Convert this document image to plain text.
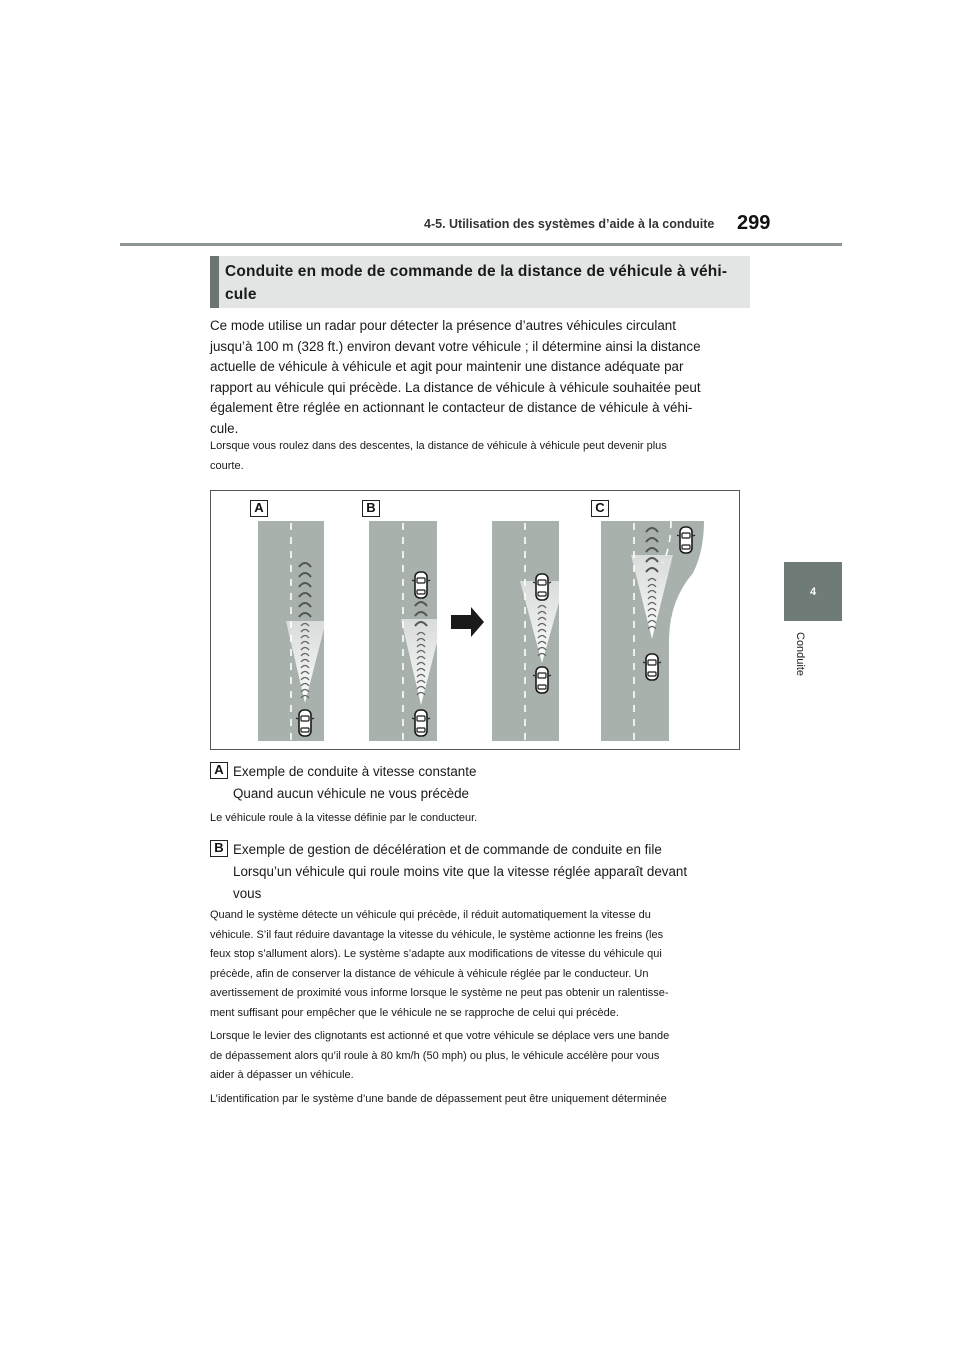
4-5. Utilisation des systèmes d’aide à la conduite 299
4
Conduite
Conduite en mode de commande de la distance de véhicule à véhi-
cule
Ce mode utilise un radar pour détecter la présence d’autres véhicules circulant
jusqu’à 100 m (328 ft.) environ devant votre véhicule ; il détermine ainsi la distance
actuelle de véhicule à véhicule et agit pour maintenir une distance adéquate par
rapport au véhicule qui précède. La distance de véhicule à véhicule souhaitée peut
également être réglée en actionnant le contacteur de distance de véhicule à véhi-
cule.
Lorsque vous roulez dans des descentes, la distance de véhicule à véhicule peut devenir plus
courte.
A	B	C
A Exemple de conduite à vitesse constante
Quand aucun véhicule ne vous précède
Le véhicule roule à la vitesse définie par le conducteur.
B Exemple de gestion de décélération et de commande de conduite en file
Lorsqu’un véhicule qui roule moins vite que la vitesse réglée apparaît devant
vous
Quand le système détecte un véhicule qui précède, il réduit automatiquement la vitesse du
véhicule. S’il faut réduire davantage la vitesse du véhicule, le système actionne les freins (les
feux stop s’allument alors). Le système s’adapte aux modifications de vitesse du véhicule qui
précède, afin de conserver la distance de véhicule à véhicule réglée par le conducteur. Un
avertissement de proximité vous informe lorsque le système ne peut pas obtenir un ralentisse-
ment suffisant pour empêcher que le véhicule ne se rapproche de celui qui précède.
Lorsque le levier des clignotants est actionné et que votre véhicule se déplace vers une bande
de dépassement alors qu’il roule à 80 km/h (50 mph) ou plus, le véhicule accélère pour vous
aider à dépasser un véhicule.
L’identification par le système d’une bande de dépassement peut être uniquement déterminée
